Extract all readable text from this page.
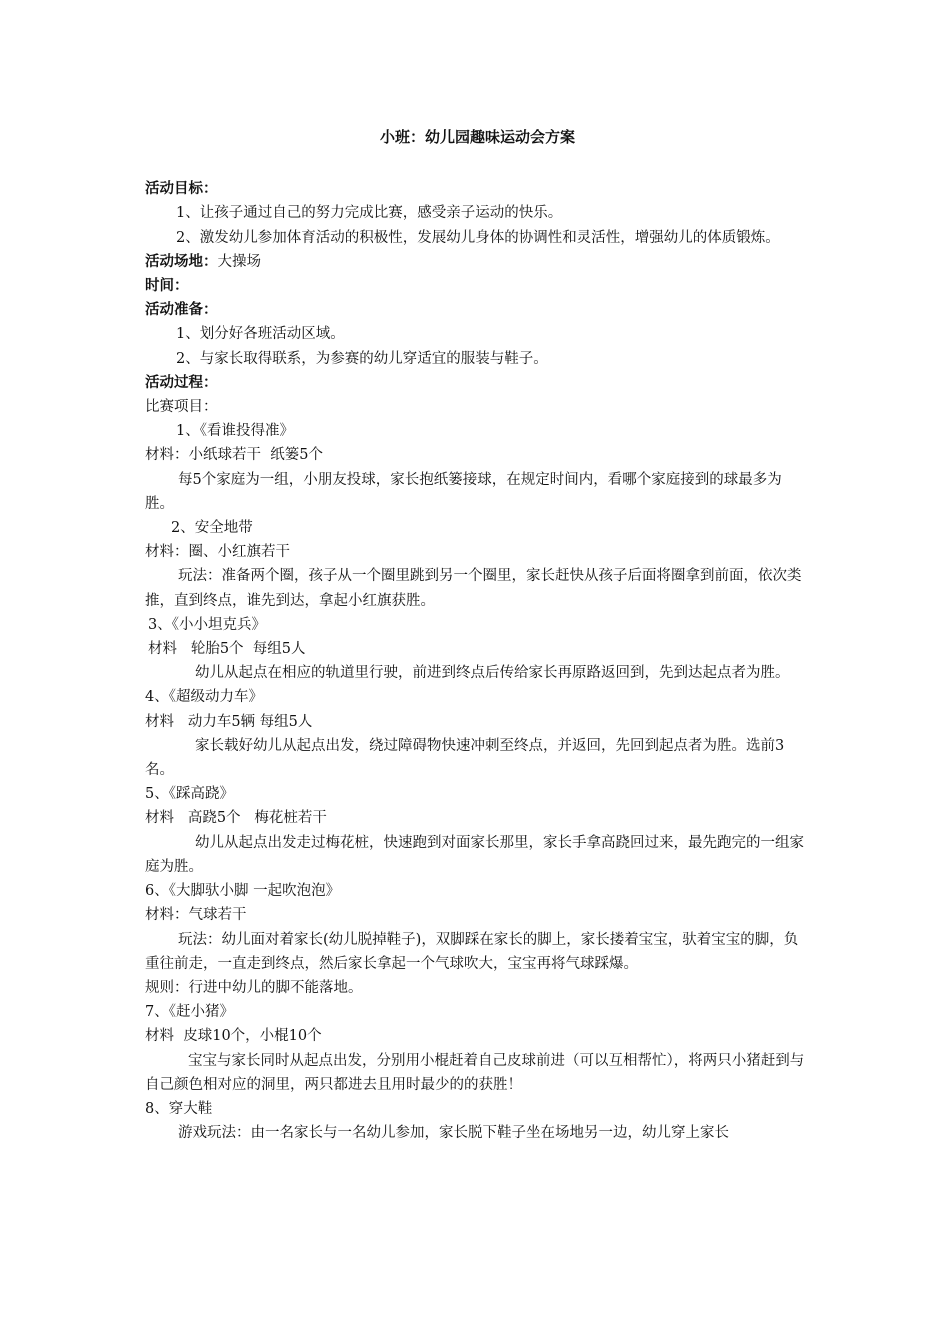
小班：幼儿园趣味运动会方案

活动目标：

1、让孩子通过自己的努力完成比赛，感受亲子运动的快乐。

2、激发幼儿参加体育活动的积极性，发展幼儿身体的协调性和灵活性，增强幼儿的体质锻炼。

活动场地：大操场

时间：

活动准备：

1、划分好各班活动区域。

2、与家长取得联系，为参赛的幼儿穿适宜的服装与鞋子。

活动过程：

比赛项目：

1、《看谁投得准》

材料：小纸球若干  纸篓5个

每5个家庭为一组，小朋友投球，家长抱纸篓接球，在规定时间内，看哪个家庭接到的球最多为胜。

2、安全地带

材料：圈、小红旗若干

玩法：准备两个圈，孩子从一个圈里跳到另一个圈里，家长赶快从孩子后面将圈拿到前面，依次类推，直到终点，谁先到达，拿起小红旗获胜。

3、《小小坦克兵》

材料   轮胎5个  每组5人

幼儿从起点在相应的轨道里行驶，前进到终点后传给家长再原路返回到，先到达起点者为胜。

4、《超级动力车》

材料   动力车5辆 每组5人

家长载好幼儿从起点出发，绕过障碍物快速冲刺至终点，并返回，先回到起点者为胜。选前3名。

5、《踩高跷》

材料   高跷5个   梅花桩若干

幼儿从起点出发走过梅花桩，快速跑到对面家长那里，家长手拿高跷回过来，最先跑完的一组家庭为胜。

6、《大脚驮小脚 一起吹泡泡》

材料：气球若干

玩法：幼儿面对着家长(幼儿脱掉鞋子)，双脚踩在家长的脚上，家长搂着宝宝，驮着宝宝的脚，负重往前走，一直走到终点，然后家长拿起一个气球吹大，宝宝再将气球踩爆。

规则：行进中幼儿的脚不能落地。

7、《赶小猪》

材料  皮球10个，小棍10个

宝宝与家长同时从起点出发，分别用小棍赶着自己皮球前进（可以互相帮忙），将两只小猪赶到与自己颜色相对应的洞里，两只都进去且用时最少的的获胜！

8、穿大鞋

游戏玩法：由一名家长与一名幼儿参加，家长脱下鞋子坐在场地另一边，幼儿穿上家长
